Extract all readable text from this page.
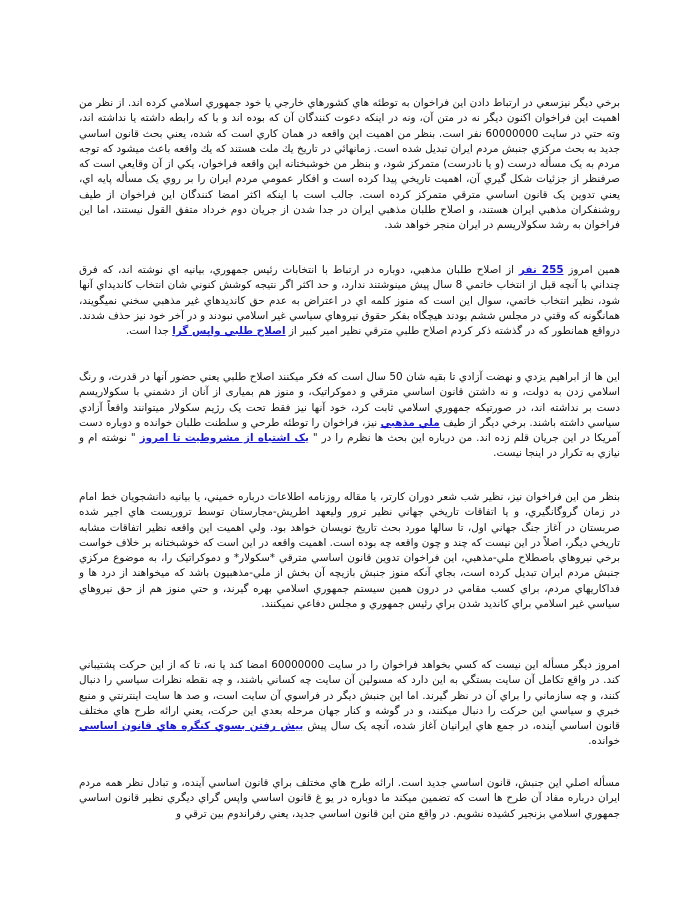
برخي ديگر نيزسعي در ارتباط دادن اين فراخوان به توطئه هاي كشورهاي خارجي يا خود جمهوري اسلامي كرده اند. از نظر من اهميت اين فراخوان اكنون ديگر نه در متن آن، ونه در اينكه دعوت كنندگان آن كه بوده اند و با كه رابطه داشته يا نداشته اند، وته حتي در سايت 60000000 نفر است. بنظر من اهميت اين واقعه در همان كاري است كه شده، يعني بحث قانون اساسي جديد به بحث مركزي جنبش مردم ايران تبديل شده است. زمانهائي در تاريخ يك ملت هستند كه يك واقعه باعث ميشود كه توجه مردم به يک مسأله درست (و يا نادرست) متمرکز شود، و بنظر من خوشبختانه اين واقعه فراخوان، يکي از آن وقايعي است که صرفنظر از جزئيات شکل گيري آن، اهميت تاريخي پيدا کرده است و افکار عمومي مردم ايران را بر روي يک مسأله پايه اي، يعني تدوين يک قانون اساسي مترقي متمرکز کرده است. جالب است با اينکه اکثر امضا کنندگان اين فراخوان از طيف روشنفکران مذهبي ايران هستند، و اصلاح طلبان مذهبي ايران در جدا شدن از جريان دوم خرداد متفق القول نيستند، اما اين فراخوان به رشد سکولاريسم در ايران منجر خواهد شد.

همين امروز 255 نفر از اصلاح طلبان مذهبي، دوباره در ارتباط با انتخابات رئيس جمهوري، بيانيه اي نوشته اند، که فرق چنداني با آنچه قبل از انتخاب خاتمي 8 سال پيش مينوشتند ندارد، و حد اکثر اگر نتيجه کوشش کنوني شان انتخاب کانديداي آنها شود، نظير انتخاب خاتمي، سوال اين است که منوز کلمه اي در اعتراض به عدم حق کانديدهاي غير مذهبي سخني نميگويند، همانگونه که وقتي در مجلس ششم بودند هيچگاه بفکر حقوق نيروهاي سياسي غير اسلامي نبودند و در آخر خود نيز حذف شدند. درواقع همانطور که در گذشته ذکر کردم اصلاح طلبي مترقي نظير امير کبير از اصلاح طلبي واپس گرا جدا است.

اين ها از ابراهيم يزدي و نهضت آزادي تا بقيه شان 50 سال است که فکر ميکنند اصلاح طلبي يعني حضور آنها در قدرت، و رنگ اسلامي زدن به دولت، و نه داشتن قانون اساسي مترقي و دموکراتيک، و منوز هم بميارى از آنان از دشمني با سکولاريسم دست بر نداشته اند، در صورتيکه جمهوري اسلامي ثابت کرد، خود آنها نيز فقط تحت يک رژيم سکولار ميتوانند واقعاً آزادي سياسي داشته باشند. برخي ديگر از طيف ملي مذهبي نيز، فراخوان را توطئه طرحي و سلطنت طلبان خوانده و دوباره دست آمريکا در اين جريان قلم زده اند. من درباره اين بحث ها نظرم را در " يک اشتباه از مشروطيت تا امروز " نوشته ام و نيازي به تکرار در اينجا نيست.

بنظر من اين فراخوان نيز، نظير شب شعر دوران کارتر، يا مقاله روزنامه اطلاعات درباره خميني، يا بيانيه دانشجويان خط امام در زمان گروگانگيري، و يا اتفاقات تاريخي جهاني نظير ترور وليعهد اطريش-مجارستان توسط تروريست هاي اجير شده صربستان در آغاز جنگ جهاني اول، تا سالها مورد بحث تاريخ نويسان خواهد بود. ولي اهميت اين واقعه نظير اتفاقات مشابه تاريخي ديگر، اصلاً در اين نيست که چند و چون واقعه چه بوده است. اهميت واقعه در اين است که خوشبختانه بر خلاف خواست برخي نيروهاي باصطلاح ملي-مذهبي، اين فراخوان تدوين قانون اساسي مترقي *سکولار* و دموکراتيک را، به موضوع مرکزي جنبش مردم ايران تبديل کرده است، بجاي آنکه منوز جنبش بازيچه آن بخش از ملي-مذهبيون باشد که ميخواهند از درد ها و فداکاريهاي مردم، براي کسب مقامي در درون همين سيستم جمهوري اسلامي بهره گيرند، و حتي منوز هم از حق نيروهاي سياسي غير اسلامي براي کانديد شدن براي رئيس جمهوري و مجلس دفاعي نميکنند.

امروز ديگر مسأله اين نيست که کسي بخواهد فراخوان را در سايت 60000000 امضا کند يا نه، تا که از اين حرکت پشتيباني کند. در واقع تکامل آن سايت بستگي به اين دارد که مسولين آن سايت چه کساني باشند، و چه نقطه نظرات سياسي را دنبال کنند، و چه سازماني را براي آن در نظر گيرند. اما اين جنبش ديگر در فراسوي آن سايت است، و صد ها سايت اينترنتي و منبع خبري و سياسي اين حرکت را دنبال ميکنند، و در گوشه و کنار جهان مرحله بعدي اين حرکت، يعني ارائه طرح هاي مختلف قانون اساسي آينده، در جمع هاي ايرانيان آغاز شده، آنچه يک سال پيش بيش رفتن بسوي کنگره هاي قانون اساسي خوانده.

مسأله اصلي اين جنبش، قانون اساسي جديد است. ارائه طرح هاي مختلف براي قانون اساسي آينده، و تبادل نظر همه مردم ايران درباره مفاد آن طرح ها است که تضمين ميکند ما دوباره در يو غ قانون اساسي واپس گراي ديگري نظير قانون اساسي جمهوري اسلامي بزنجير کشيده نشويم. در واقع متن اين قانون اساسي جديد، يعني رفراندوم بين ترقي و
